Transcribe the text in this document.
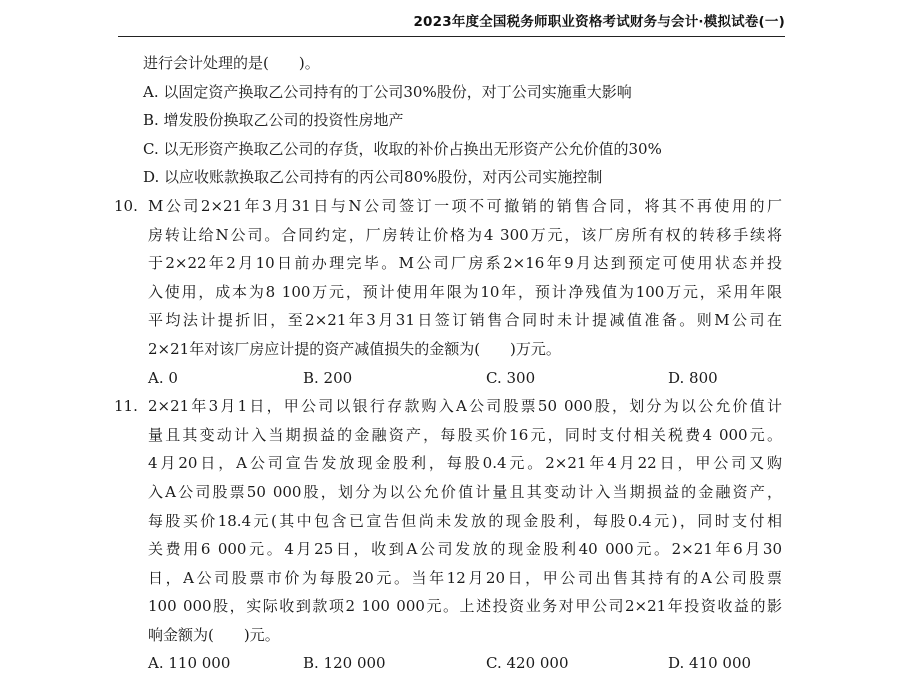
2023年度全国税务师职业资格考试财务与会计·模拟试卷(一)
进行会计处理的是(　　)。
A. 以固定资产换取乙公司持有的丁公司30%股份，对丁公司实施重大影响
B. 增发股份换取乙公司的投资性房地产
C. 以无形资产换取乙公司的存货，收取的补价占换出无形资产公允价值的30%
D. 以应收账款换取乙公司持有的丙公司80%股份，对丙公司实施控制
10. M公司2×21年3月31日与N公司签订一项不可撤销的销售合同，将其不再使用的厂
房转让给N公司。合同约定，厂房转让价格为4 300万元，该厂房所有权的转移手续将
于2×22年2月10日前办理完毕。M公司厂房系2×16年9月达到预定可使用状态并投
入使用，成本为8 100万元，预计使用年限为10年，预计净残值为100万元，采用年限
平均法计提折旧，至2×21年3月31日签订销售合同时未计提减值准备。则M公司在
2×21年对该厂房应计提的资产减值损失的金额为(　　)万元。
A. 0	B. 200	C. 300	D. 800
11. 2×21年3月1日，甲公司以银行存款购入A公司股票50 000股，划分为以公允价值计
量且其变动计入当期损益的金融资产，每股买价16元，同时支付相关税费4 000元。
4月20日，A公司宣告发放现金股利，每股0.4元。2×21年4月22日，甲公司又购
入A公司股票50 000股，划分为以公允价值计量且其变动计入当期损益的金融资产，
每股买价18.4元(其中包含已宣告但尚未发放的现金股利，每股0.4元)，同时支付相
关费用6 000元。4月25日，收到A公司发放的现金股利40 000元。2×21年6月30
日，A公司股票市价为每股20元。当年12月20日，甲公司出售其持有的A公司股票
100 000股，实际收到款项2 100 000元。上述投资业务对甲公司2×21年投资收益的影
响金额为(　　)元。
A. 110 000	B. 120 000	C. 420 000	D. 410 000
